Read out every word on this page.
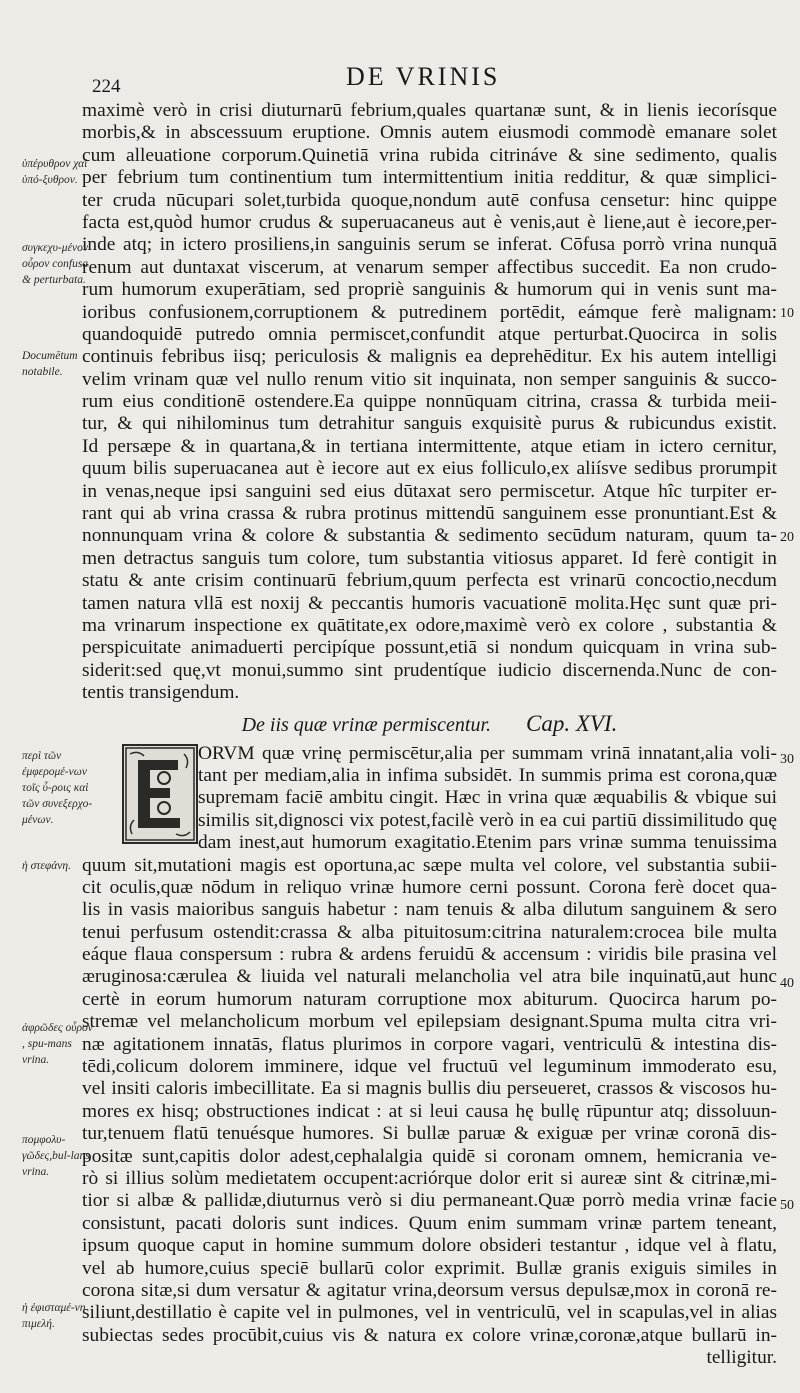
224	DE VRINIS
maximè verò in crisi diuturnarū febrium,quales quartanæ sunt, & in lienis iecorísque
morbis,& in abscessuum eruptione. Omnis autem eiusmodi commodè emanare solet
cum alleuatione corporum.Quinetiā vrina rubida citrináve & sine sedimento, qualis
per febrium tum continentium tum intermittentium initia redditur, & quæ simplici-
ter cruda nūcupari solet,turbida quoque,nondum autē confusa censetur: hinc quippe
facta est,quòd humor crudus & superuacaneus aut è venis,aut è liene,aut è iecore,per-
inde atq; in ictero prosiliens,in sanguinis serum se inferat. Cōfusa porrò vrina nunquā
renum aut duntaxat viscerum, at venarum semper affectibus succedit. Ea non crudo-
rum humorum exuperātiam, sed propriè sanguinis & humorum qui in venis sunt ma-
ioribus confusionem,corruptionem & putredinem portēdit, eámque ferè malignam:
quandoquidē putredo omnia permiscet,confundit atque perturbat.Quocirca in solis
continuis febribus iisq; periculosis & malignis ea deprehēditur. Ex his autem intelligi
velim vrinam quæ vel nullo renum vitio sit inquinata, non semper sanguinis & succo-
rum eius conditionē ostendere.Ea quippe nonnūquam citrina, crassa & turbida meii-
tur, & qui nihilominus tum detrahitur sanguis exquisitè purus & rubicundus existit.
Id persæpe & in quartana,& in tertiana intermittente, atque etiam in ictero cernitur,
quum bilis superuacanea aut è iecore aut ex eius folliculo,ex aliísve sedibus prorumpit
in venas,neque ipsi sanguini sed eius dūtaxat sero permiscetur. Atque hîc turpiter er-
rant qui ab vrina crassa & rubra protinus mittendū sanguinem esse pronuntiant.Est &
nonnunquam vrina & colore & substantia & sedimento secūdum naturam, quum ta-
men detractus sanguis tum colore, tum substantia vitiosus apparet. Id ferè contigit in
statu & ante crisim continuarū febrium,quum perfecta est vrinarū concoctio,necdum
tamen natura vllā est noxij & peccantis humoris vacuationē molita.Hęc sunt quæ pri-
ma vrinarum inspectione ex quātitate,ex odore,maximè verò ex colore , substantia &
perspicuitate animaduerti percipíque possunt,etiā si nondum quicquam in vrina sub-
siderit:sed quę,vt monui,summo sint prudentíque iudicio discernenda.Nunc de con-
tentis transigendum.
De iis quæ vrinæ permiscentur. Cap. XVI.
ORVM quæ vrinę permiscētur,alia per summam vrinā innatant,alia voli-
tant per mediam,alia in infima subsidēt. In summis prima est corona,quæ
supremam faciē ambitu cingit. Hæc in vrina quæ æquabilis & vbique sui
similis sit,dignosci vix potest,facilè verò in ea cui partiū dissimilitudo quę
dam inest,aut humorum exagitatio.Etenim pars vrinæ summa tenuissima
quum sit,mutationi magis est oportuna,ac sæpe multa vel colore, vel substantia subii-
cit oculis,quæ nōdum in reliquo vrinæ humore cerni possunt. Corona ferè docet qua-
lis in vasis maioribus sanguis habetur : nam tenuis & alba dilutum sanguinem & sero
tenui perfusum ostendit:crassa & alba pituitosum:citrina naturalem:crocea bile multa
eáque flaua conspersum : rubra & ardens feruidū & accensum : viridis bile prasina vel
æruginosa:cærulea & liuida vel naturali melancholia vel atra bile inquinatū,aut hunc
certè in eorum humorum naturam corruptione mox abiturum. Quocirca harum po-
stremæ vel melancholicum morbum vel epilepsiam designant.Spuma multa citra vri-
næ agitationem innatās, flatus plurimos in corpore vagari, ventriculū & intestina dis-
tēdi,colicum dolorem imminere, idque vel fructuū vel leguminum immoderato esu,
vel insiti caloris imbecillitate. Ea si magnis bullis diu perseueret, crassos & viscosos hu-
mores ex hisq; obstructiones indicat : at si leui causa hę bullę rūpuntur atq; dissoluun-
tur,tenuem flatū tenuésque humores. Si bullæ paruæ & exiguæ per vrinæ coronā dis-
positæ sunt,capitis dolor adest,cephalalgia quidē si coronam omnem, hemicrania ve-
rò si illius solùm medietatem occupent:acriórque dolor erit si aureæ sint & citrinæ,mi-
tior si albæ & pallidæ,diuturnus verò si diu permaneant.Quæ porrò media vrinæ facie
consistunt, pacati doloris sunt indices. Quum enim summam vrinæ partem teneant,
ipsum quoque caput in homine summum dolore obsideri testantur , idque vel à flatu,
vel ab humore,cuius speciē bullarū color exprimit. Bullæ granis exiguis similes in
corona sitæ,si dum versatur & agitatur vrina,deorsum versus depulsæ,mox in coronā re-
siliunt,destillatio è capite vel in pulmones, vel in ventriculū, vel in scapulas,vel in alias
subiectas sedes procūbit,cuius vis & natura ex colore vrinæ,coronæ,atque bullarū in-
telligitur.
ὑπέρυθρον χαὶ ὑπό-ξυθρον.
συγκεχυ-μένον οὖρον confusa & perturbata.
Documētum notabile.
περὶ τῶν ἐμφερομέ-νων τοῖς ὖ-ροις καὶ τῶν συνεξερχο-μένων.
ἡ στεφάνη.
ἀφρῶδες οὖρον , spu-mans vrina.
πομφολυ-γῶδες,bul-lans vrina.
ἡ ἐφισταμέ-νη πιμελή.
10
20
30
40
50
